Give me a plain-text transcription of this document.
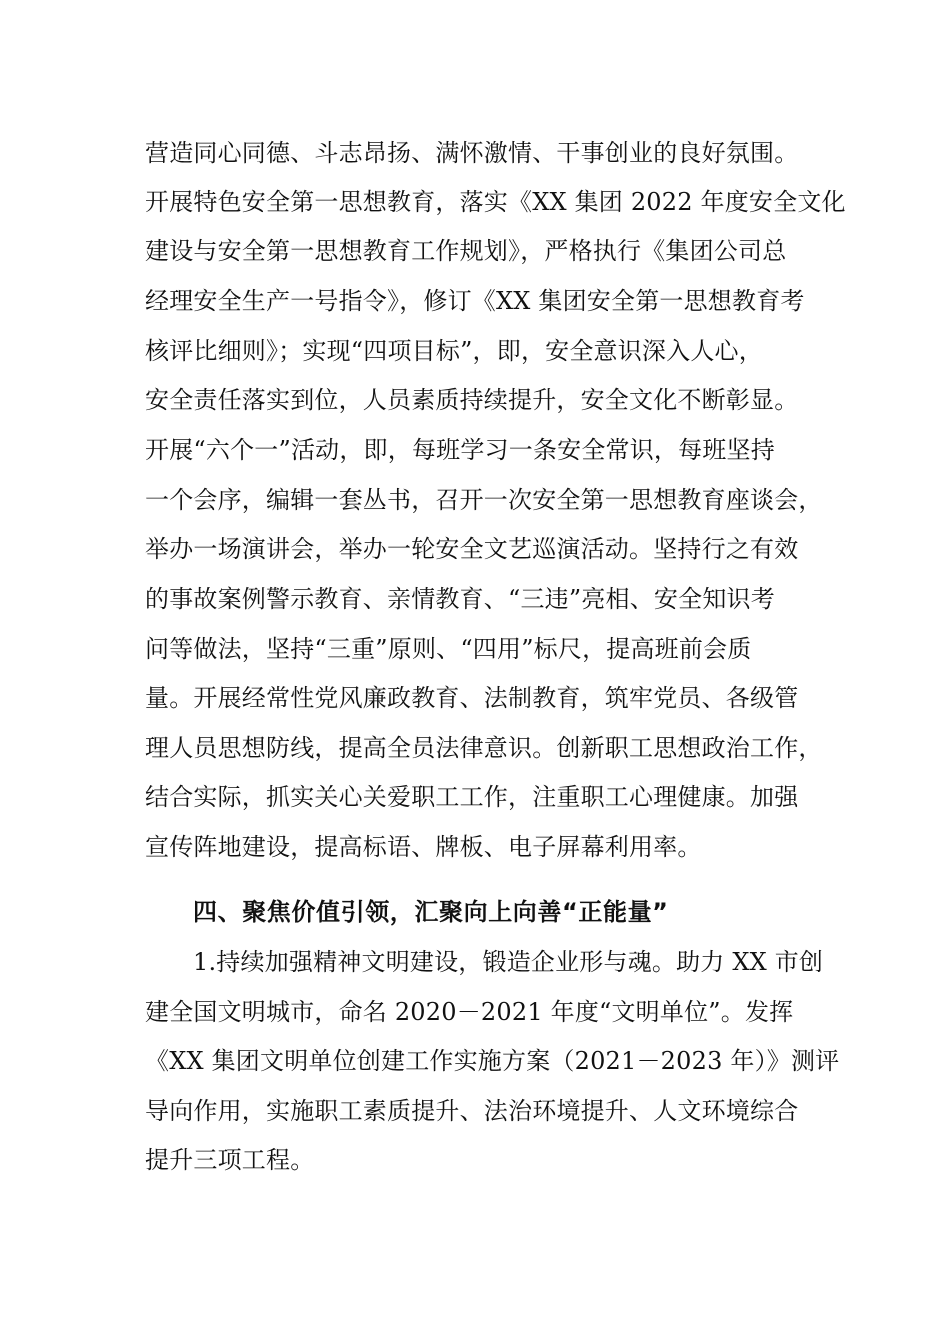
营造同心同德、斗志昂扬、满怀激情、干事创业的良好氛围。
开展特色安全第一思想教育，落实《XX 集团 2022 年度安全文化
建设与安全第一思想教育工作规划》，严格执行《集团公司总
经理安全生产一号指令》，修订《XX 集团安全第一思想教育考
核评比细则》；实现“四项目标”，即，安全意识深入人心，
安全责任落实到位，人员素质持续提升，安全文化不断彰显。
开展“六个一”活动，即，每班学习一条安全常识，每班坚持
一个会序，编辑一套丛书，召开一次安全第一思想教育座谈会，
举办一场演讲会，举办一轮安全文艺巡演活动。坚持行之有效
的事故案例警示教育、亲情教育、“三违”亮相、安全知识考
问等做法，坚持“三重”原则、“四用”标尺，提高班前会质
量。开展经常性党风廉政教育、法制教育，筑牢党员、各级管
理人员思想防线，提高全员法律意识。创新职工思想政治工作，
结合实际，抓实关心关爱职工工作，注重职工心理健康。加强
宣传阵地建设，提高标语、牌板、电子屏幕利用率。
四、聚焦价值引领，汇聚向上向善“正能量”
1.持续加强精神文明建设，锻造企业形与魂。助力 XX 市创
建全国文明城市，命名 2020－2021 年度“文明单位”。发挥
《XX 集团文明单位创建工作实施方案（2021－2023 年）》测评
导向作用，实施职工素质提升、法治环境提升、人文环境综合
提升三项工程。
